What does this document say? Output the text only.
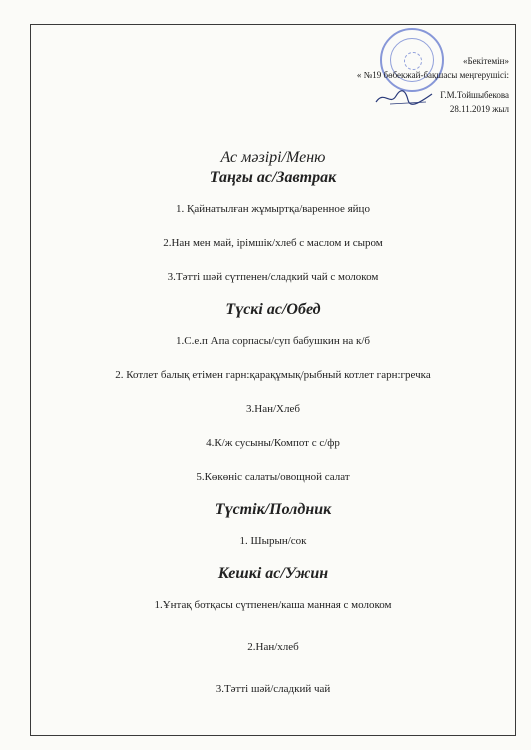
«Бекітемін»
« №19 бөбекжай-бақшасы меңгерушісі:
Г.М.Тойшыбекова
28.11.2019 жыл

Ас мәзірі/Меню

Таңғы ас/Завтрак

1. Қайнатылған жұмыртқа/варенное яйцо

2.Нан мен май, ірімшік/хлеб с маслом и сыром

3.Тәтті шәй сүтпенен/сладкий чай с молоком

Түскі ас/Обед

1.С.е.п Апа сорпасы/суп бабушкин на к/б

2. Котлет балық етімен гарн:қарақұмық/рыбный котлет гарн:гречка

3.Нан/Хлеб

4.К/ж сусыны/Компот с с/фр

5.Көкөніс салаты/овощной салат

Түстік/Полдник

1. Шырын/сок

Кешкі ас/Ужин

1.Ұнтақ ботқасы сүтпенен/каша манная с молоком

2.Нан/хлеб

3.Тәтті шәй/сладкий чай
